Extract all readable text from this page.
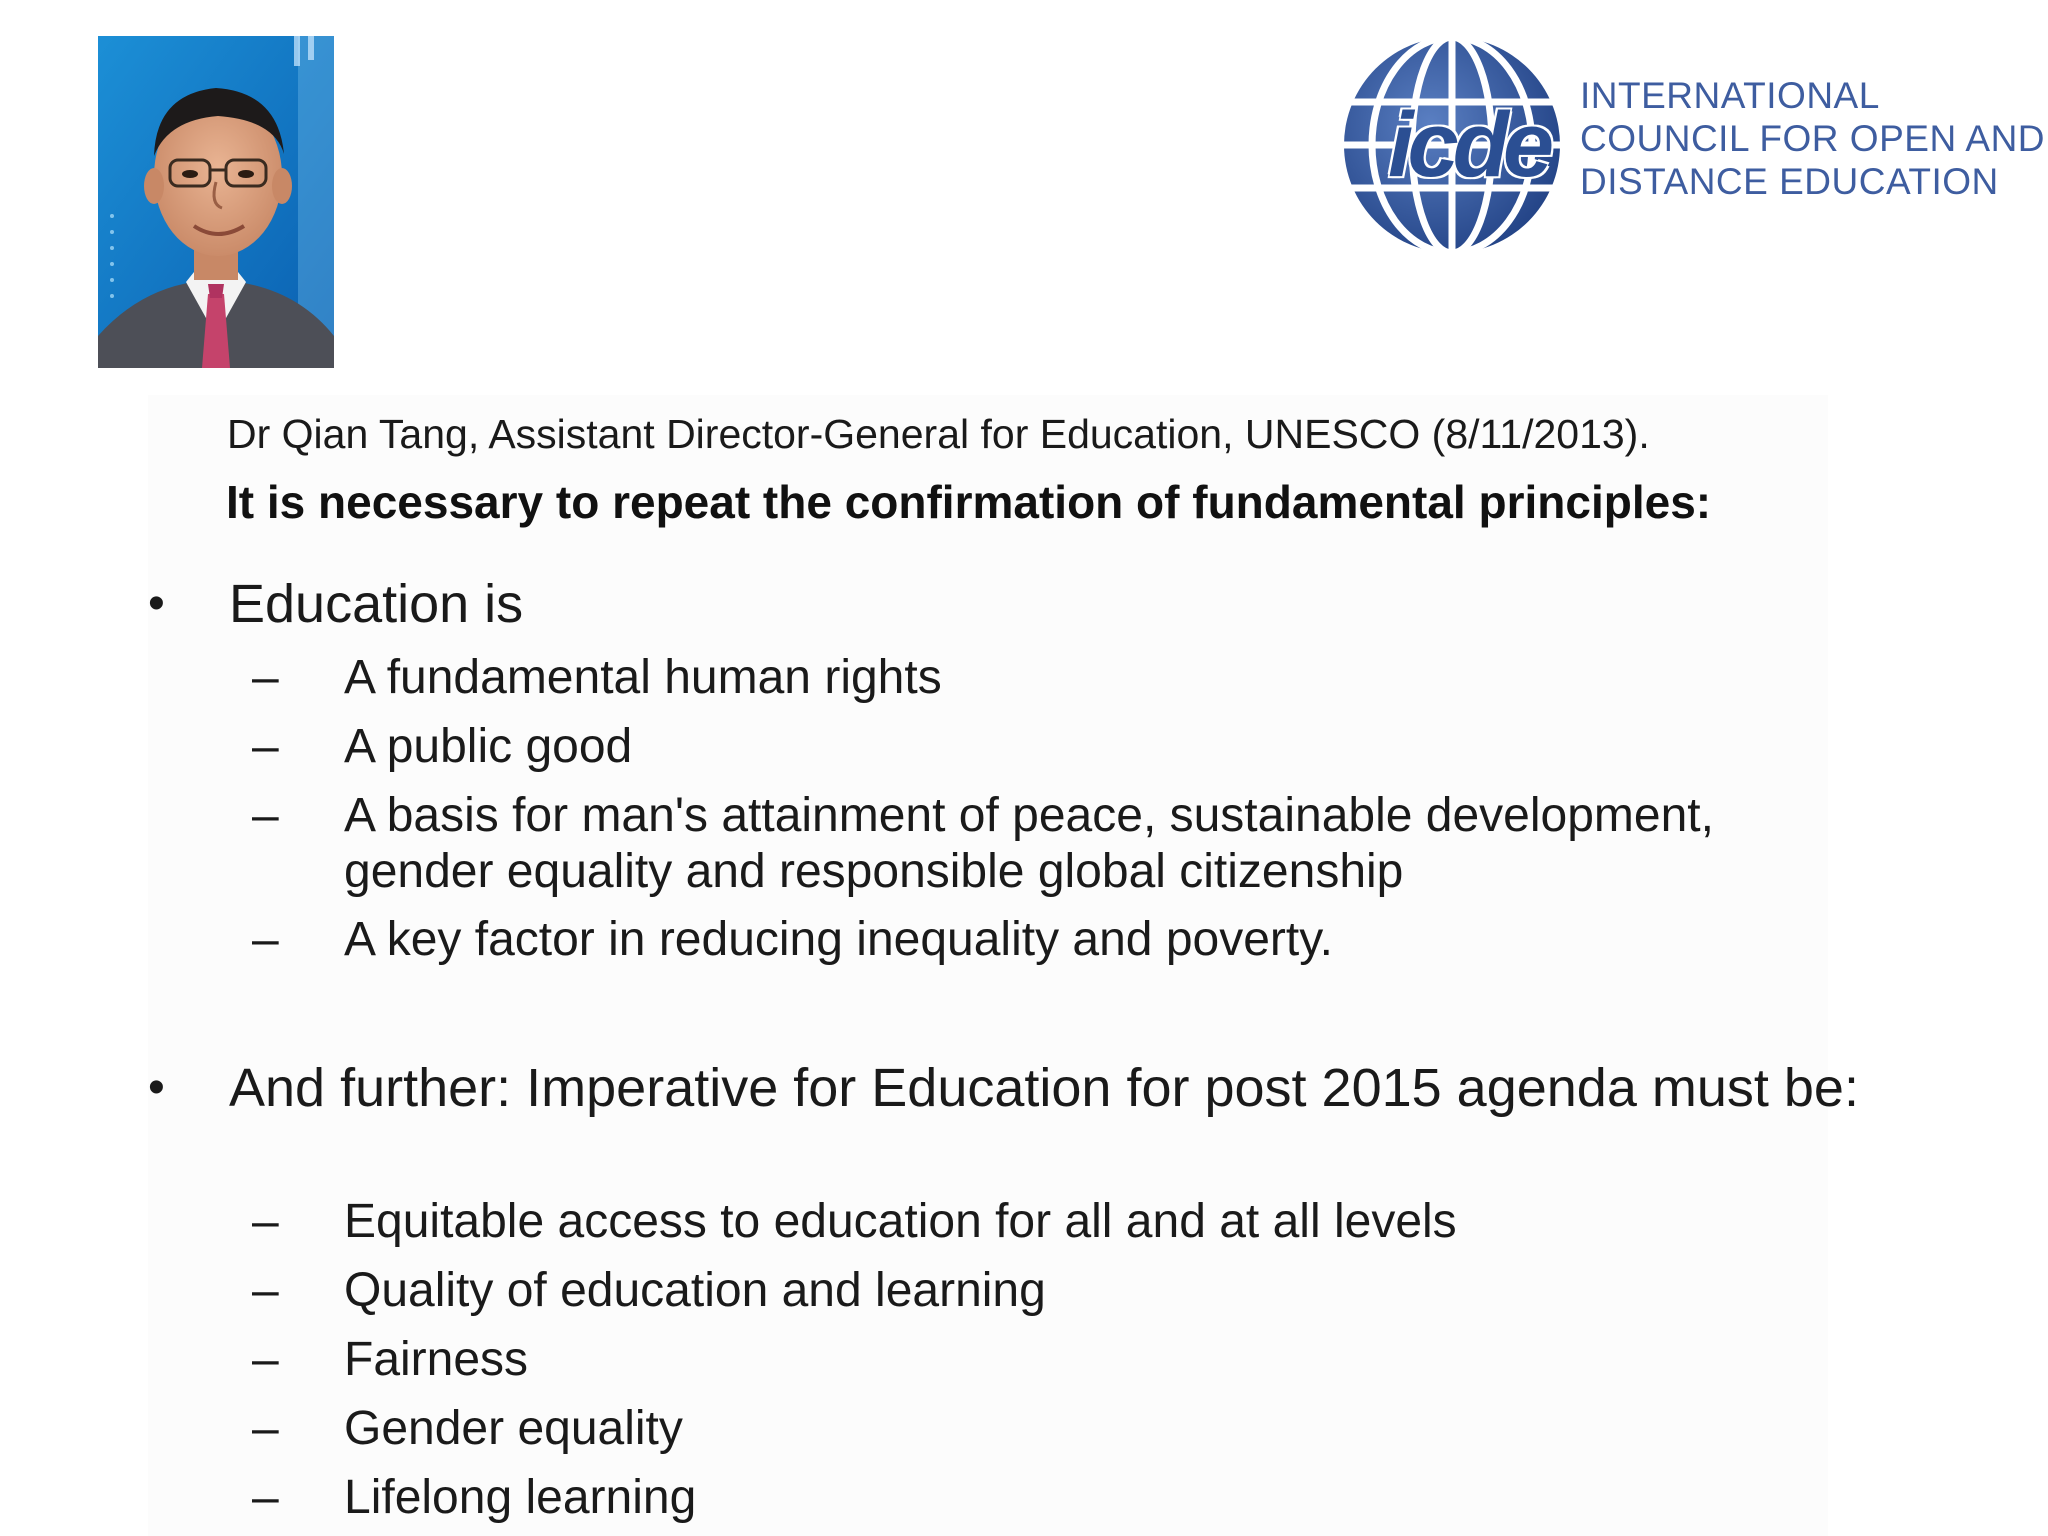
icde INTERNATIONAL
COUNCIL FOR OPEN AND
DISTANCE EDUCATION
Dr Qian Tang, Assistant Director-General for Education, UNESCO (8/11/2013).
It is necessary to repeat the confirmation of fundamental principles:
• Education is
– A fundamental human rights
– A public good
– A basis for man's attainment of peace, sustainable development, gender equality and responsible global citizenship
– A key factor in reducing inequality and poverty.
• And further: Imperative for Education for post 2015 agenda must be:
– Equitable access to education for all and at all levels
– Quality of education and learning
– Fairness
– Gender equality
– Lifelong learning
